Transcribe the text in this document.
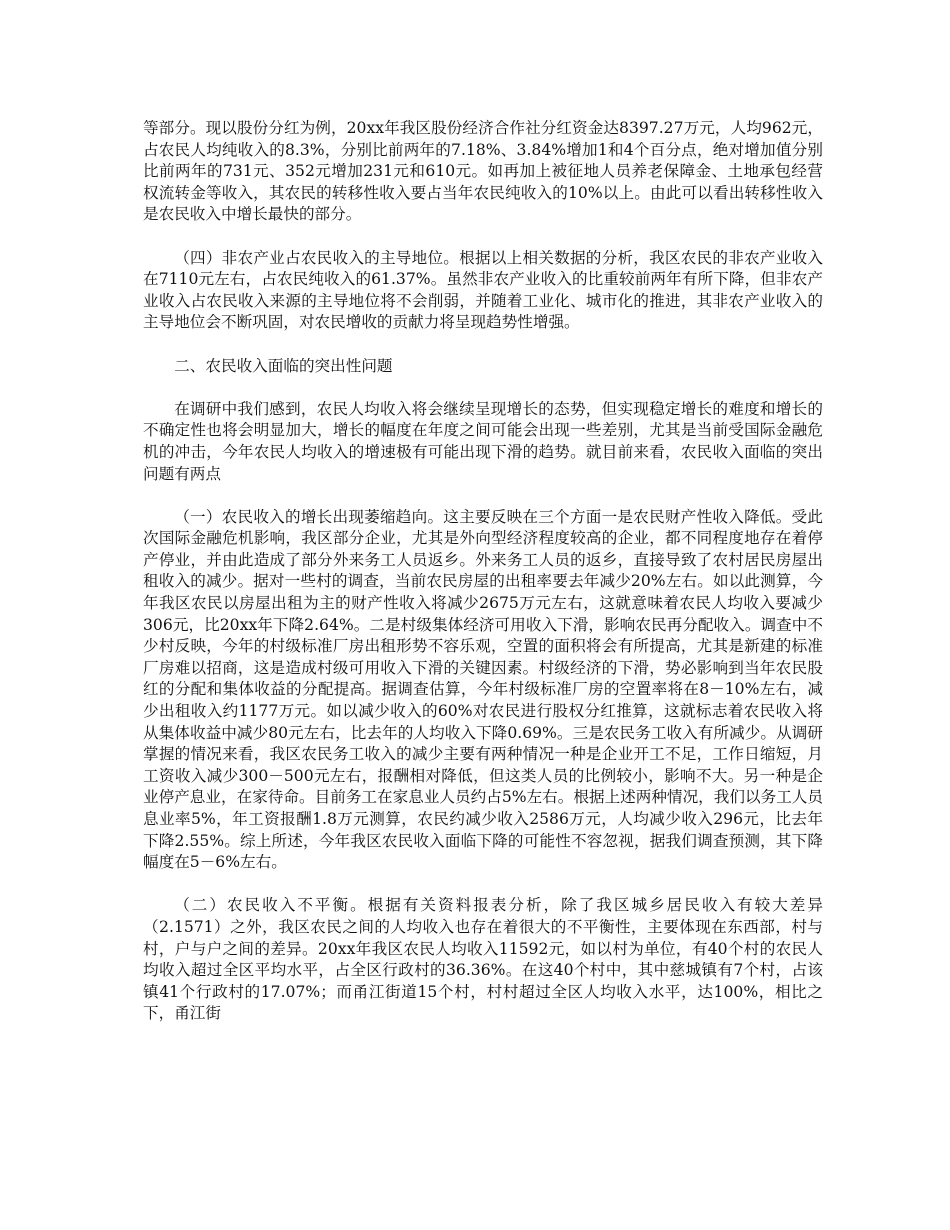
等部分。现以股份分红为例，20xx年我区股份经济合作社分红资金达8397.27万元，人均962元，占农民人均纯收入的8.3%，分别比前两年的7.18%、3.84%增加1和4个百分点，绝对增加值分别比前两年的731元、352元增加231元和610元。如再加上被征地人员养老保障金、土地承包经营权流转金等收入，其农民的转移性收入要占当年农民纯收入的10%以上。由此可以看出转移性收入是农民收入中增长最快的部分。

（四）非农产业占农民收入的主导地位。根据以上相关数据的分析，我区农民的非农产业收入在7110元左右，占农民纯收入的61.37%。虽然非农产业收入的比重较前两年有所下降，但非农产业收入占农民收入来源的主导地位将不会削弱，并随着工业化、城市化的推进，其非农产业收入的主导地位会不断巩固，对农民增收的贡献力将呈现趋势性增强。

二、农民收入面临的突出性问题

在调研中我们感到，农民人均收入将会继续呈现增长的态势，但实现稳定增长的难度和增长的不确定性也将会明显加大，增长的幅度在年度之间可能会出现一些差别，尤其是当前受国际金融危机的冲击，今年农民人均收入的增速极有可能出现下滑的趋势。就目前来看，农民收入面临的突出问题有两点

（一）农民收入的增长出现萎缩趋向。这主要反映在三个方面一是农民财产性收入降低。受此次国际金融危机影响，我区部分企业，尤其是外向型经济程度较高的企业，都不同程度地存在着停产停业，并由此造成了部分外来务工人员返乡。外来务工人员的返乡，直接导致了农村居民房屋出租收入的减少。据对一些村的调查，当前农民房屋的出租率要去年减少20%左右。如以此测算，今年我区农民以房屋出租为主的财产性收入将减少2675万元左右，这就意味着农民人均收入要减少306元，比20xx年下降2.64%。二是村级集体经济可用收入下滑，影响农民再分配收入。调查中不少村反映，今年的村级标准厂房出租形势不容乐观，空置的面积将会有所提高，尤其是新建的标准厂房难以招商，这是造成村级可用收入下滑的关键因素。村级经济的下滑，势必影响到当年农民股红的分配和集体收益的分配提高。据调查估算，今年村级标准厂房的空置率将在8－10%左右，减少出租收入约1177万元。如以减少收入的60%对农民进行股权分红推算，这就标志着农民收入将从集体收益中减少80元左右，比去年的人均收入下降0.69%。三是农民务工收入有所减少。从调研掌握的情况来看，我区农民务工收入的减少主要有两种情况一种是企业开工不足，工作日缩短，月工资收入减少300－500元左右，报酬相对降低，但这类人员的比例较小，影响不大。另一种是企业停产息业，在家待命。目前务工在家息业人员约占5%左右。根据上述两种情况，我们以务工人员息业率5%，年工资报酬1.8万元测算，农民约减少收入2586万元，人均减少收入296元，比去年下降2.55%。综上所述，今年我区农民收入面临下降的可能性不容忽视，据我们调查预测，其下降幅度在5－6%左右。

（二）农民收入不平衡。根据有关资料报表分析，除了我区城乡居民收入有较大差异（2.1571）之外，我区农民之间的人均收入也存在着很大的不平衡性，主要体现在东西部，村与村，户与户之间的差异。20xx年我区农民人均收入11592元，如以村为单位，有40个村的农民人均收入超过全区平均水平，占全区行政村的36.36%。在这40个村中，其中慈城镇有7个村，占该镇41个行政村的17.07%；而甬江街道15个村，村村超过全区人均收入水平，达100%，相比之下，甬江街
